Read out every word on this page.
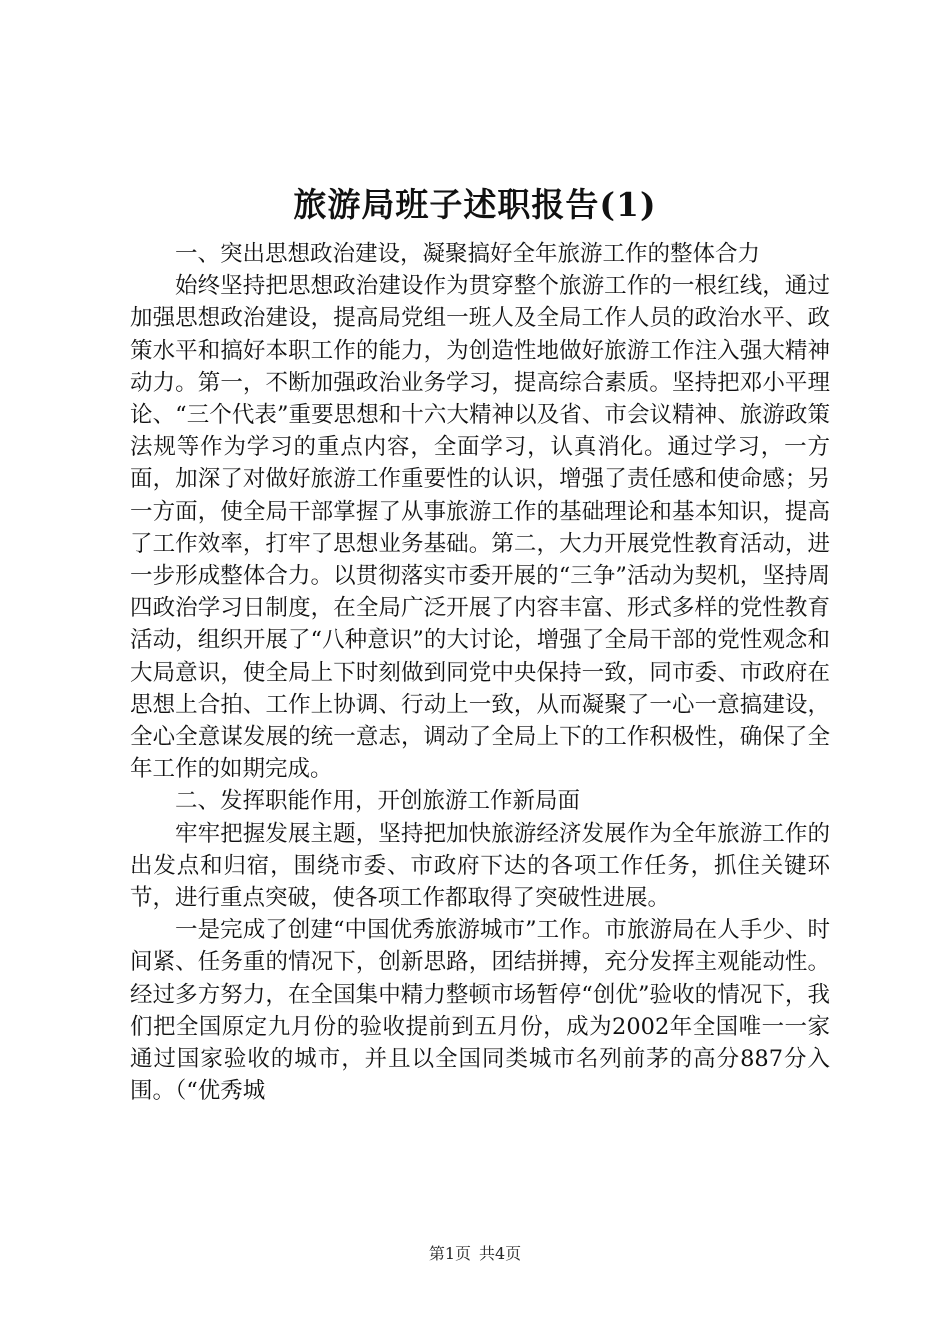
旅游局班子述职报告(1)

一、突出思想政治建设，凝聚搞好全年旅游工作的整体合力

始终坚持把思想政治建设作为贯穿整个旅游工作的一根红线，通过加强思想政治建设，提高局党组一班人及全局工作人员的政治水平、政策水平和搞好本职工作的能力，为创造性地做好旅游工作注入强大精神动力。第一，不断加强政治业务学习，提高综合素质。坚持把邓小平理论、“三个代表”重要思想和十六大精神以及省、市会议精神、旅游政策法规等作为学习的重点内容，全面学习，认真消化。通过学习，一方面，加深了对做好旅游工作重要性的认识，增强了责任感和使命感；另一方面，使全局干部掌握了从事旅游工作的基础理论和基本知识，提高了工作效率，打牢了思想业务基础。第二，大力开展党性教育活动，进一步形成整体合力。以贯彻落实市委开展的“三争”活动为契机，坚持周四政治学习日制度，在全局广泛开展了内容丰富、形式多样的党性教育活动，组织开展了“八种意识”的大讨论，增强了全局干部的党性观念和大局意识，使全局上下时刻做到同党中央保持一致，同市委、市政府在思想上合拍、工作上协调、行动上一致，从而凝聚了一心一意搞建设，全心全意谋发展的统一意志，调动了全局上下的工作积极性，确保了全年工作的如期完成。

二、发挥职能作用，开创旅游工作新局面

牢牢把握发展主题，坚持把加快旅游经济发展作为全年旅游工作的出发点和归宿，围绕市委、市政府下达的各项工作任务，抓住关键环节，进行重点突破，使各项工作都取得了突破性进展。

一是完成了创建“中国优秀旅游城市”工作。市旅游局在人手少、时间紧、任务重的情况下，创新思路，团结拼搏，充分发挥主观能动性。经过多方努力，在全国集中精力整顿市场暂停“创优”验收的情况下，我们把全国原定九月份的验收提前到五月份，成为2002年全国唯一一家通过国家验收的城市，并且以全国同类城市名列前茅的高分887分入围。（“优秀城

第1页 共4页
